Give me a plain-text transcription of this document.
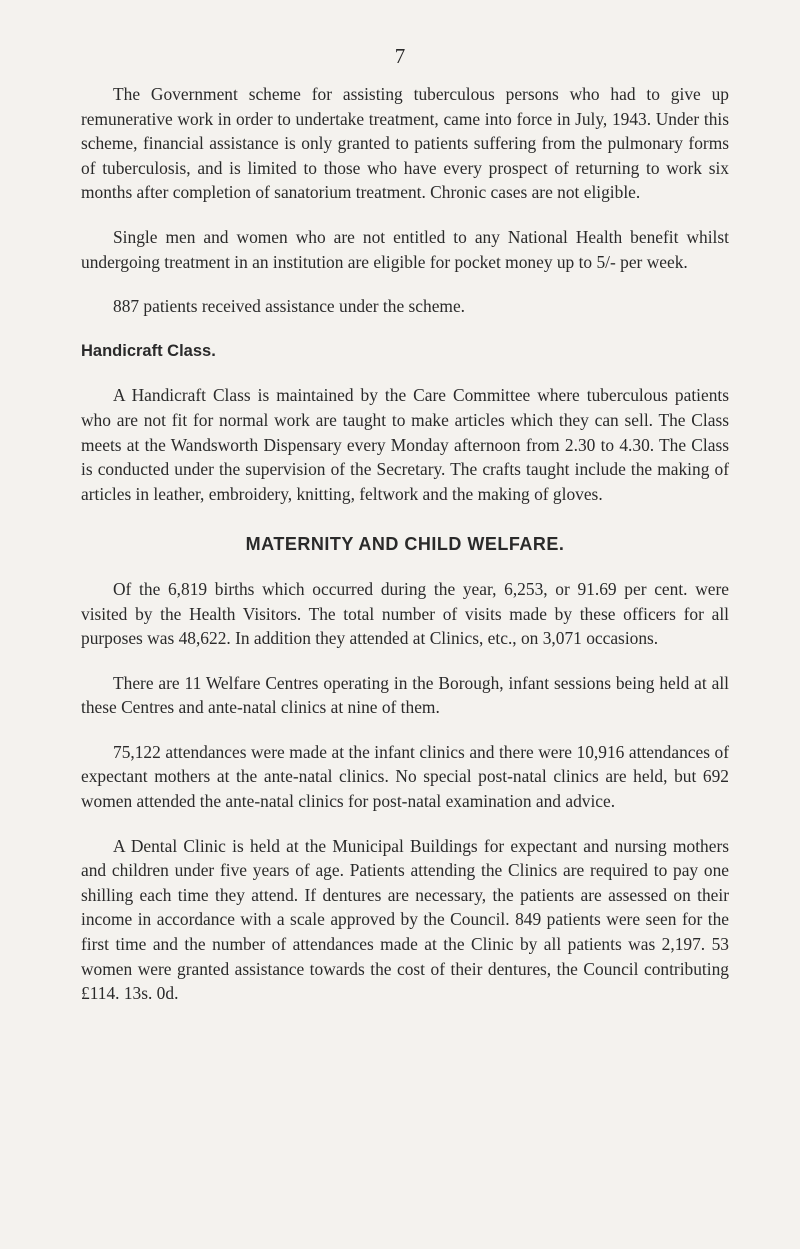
7

The Government scheme for assisting tuberculous persons who had to give up remunerative work in order to undertake treatment, came into force in July, 1943. Under this scheme, financial assistance is only granted to patients suffering from the pulmonary forms of tuberculosis, and is limited to those who have every prospect of returning to work six months after completion of sanatorium treatment. Chronic cases are not eligible.

Single men and women who are not entitled to any National Health benefit whilst undergoing treatment in an institution are eligible for pocket money up to 5/- per week.

887 patients received assistance under the scheme.

Handicraft Class.

A Handicraft Class is maintained by the Care Committee where tuberculous patients who are not fit for normal work are taught to make articles which they can sell. The Class meets at the Wandsworth Dispensary every Monday afternoon from 2.30 to 4.30. The Class is conducted under the supervision of the Secretary. The crafts taught include the making of articles in leather, embroidery, knitting, feltwork and the making of gloves.

MATERNITY AND CHILD WELFARE.

Of the 6,819 births which occurred during the year, 6,253, or 91.69 per cent. were visited by the Health Visitors. The total number of visits made by these officers for all purposes was 48,622. In addition they attended at Clinics, etc., on 3,071 occasions.

There are 11 Welfare Centres operating in the Borough, infant sessions being held at all these Centres and ante-natal clinics at nine of them.

75,122 attendances were made at the infant clinics and there were 10,916 attendances of expectant mothers at the ante-natal clinics. No special post-natal clinics are held, but 692 women attended the ante-natal clinics for post-natal examination and advice.

A Dental Clinic is held at the Municipal Buildings for expectant and nursing mothers and children under five years of age. Patients attending the Clinics are required to pay one shilling each time they attend. If dentures are necessary, the patients are assessed on their income in accordance with a scale approved by the Council. 849 patients were seen for the first time and the number of attendances made at the Clinic by all patients was 2,197. 53 women were granted assistance towards the cost of their dentures, the Council contributing £114. 13s. 0d.
